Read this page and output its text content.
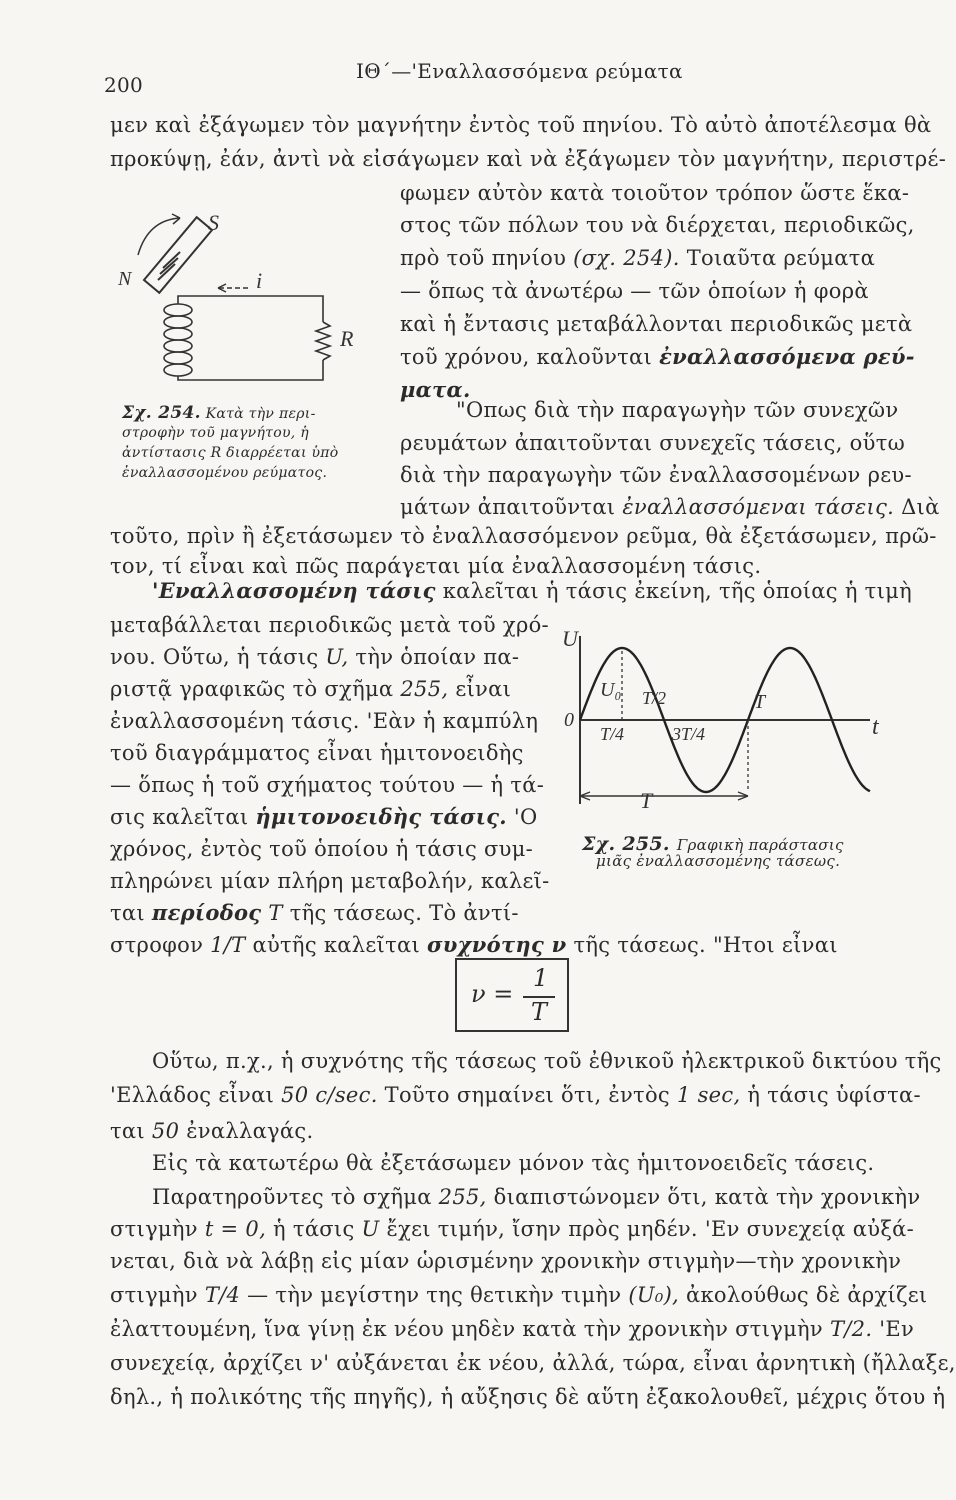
200
ΙΘ΄—'Εναλλασσόμενα ρεύματα
μεν καὶ ἐξάγωμεν τὸν μαγνήτην ἐντὸς τοῦ πηνίου. Τὸ αὐτὸ ἀποτέλεσμα θὰ
προκύψῃ, ἐάν, ἀντὶ νὰ εἰσάγωμεν καὶ νὰ ἐξάγωμεν τὸν μαγνήτην, περιστρέ-
φωμεν αὐτὸν κατὰ τοιοῦτον τρόπον ὥστε ἕκα-
στος τῶν πόλων του νὰ διέρχεται, περιοδικῶς,
πρὸ τοῦ πηνίου (σχ. 254). Τοιαῦτα ρεύματα
— ὅπως τὰ ἀνωτέρω — τῶν ὁποίων ἡ φορὰ
καὶ ἡ ἔντασις μεταβάλλονται περιοδικῶς μετὰ
τοῦ χρόνου, καλοῦνται ἐναλλασσόμενα ρεύ-
ματα.
"Οπως διὰ τὴν παραγωγὴν τῶν συνεχῶν
ρευμάτων ἀπαιτοῦνται συνεχεῖς τάσεις, οὕτω
διὰ τὴν παραγωγὴν τῶν ἐναλλασσομένων ρευ-
μάτων ἀπαιτοῦνται ἐναλλασσόμεναι τάσεις. Διὰ
τοῦτο, πρὶν ἢ ἐξετάσωμεν τὸ ἐναλλασσόμενον ρεῦμα, θὰ ἐξετάσωμεν, πρῶ-
τον, τί εἶναι καὶ πῶς παράγεται μία ἐναλλασσομένη τάσις.
S
N	i
R
Σχ. 254. Κατὰ τὴν περι-
στροφὴν τοῦ μαγνήτου, ἡ
ἀντίστασις R διαρρέεται ὑπὸ
ἐναλλασσομένου ρεύματος.
'Εναλλασσομένη τάσις καλεῖται ἡ τάσις ἐκείνη, τῆς ὁποίας ἡ τιμὴ
μεταβάλλεται περιοδικῶς μετὰ τοῦ χρό-
νου. Οὕτω, ἡ τάσις U, τὴν ὁποίαν πα-
ριστᾷ γραφικῶς τὸ σχῆμα 255, εἶναι
ἐναλλασσομένη τάσις. 'Εὰν ἡ καμπύλη
τοῦ διαγράμματος εἶναι ἡμιτονοειδὴς
— ὅπως ἡ τοῦ σχήματος τούτου — ἡ τά-
σις καλεῖται ἡμιτονοειδὴς τάσις. 'Ο
χρόνος, ἐντὸς τοῦ ὁποίου ἡ τάσις συμ-
πληρώνει μίαν πλήρη μεταβολήν, καλεῖ-
ται περίοδος T τῆς τάσεως. Τὸ ἀντί-
στροφον 1/T αὐτῆς καλεῖται συχνότης ν τῆς τάσεως. "Ητοι εἶναι
U
t
0
U₀
T/4
T/2
3T/4
T
T
Σχ. 255. Γραφικὴ παράστασις
μιᾶς ἐναλλασσομένης τάσεως.
ν =
1
T
Οὕτω, π.χ., ἡ συχνότης τῆς τάσεως τοῦ ἐθνικοῦ ἠλεκτρικοῦ δικτύου τῆς
'Ελλάδος εἶναι 50 c/sec. Τοῦτο σημαίνει ὅτι, ἐντὸς 1 sec, ἡ τάσις ὑφίστα-
ται 50 ἐναλλαγάς.
Εἰς τὰ κατωτέρω θὰ ἐξετάσωμεν μόνον τὰς ἡμιτονοειδεῖς τάσεις.
Παρατηροῦντες τὸ σχῆμα 255, διαπιστώνομεν ὅτι, κατὰ τὴν χρονικὴν
στιγμὴν t = 0, ἡ τάσις U ἔχει τιμήν, ἴσην πρὸς μηδέν. 'Εν συνεχείᾳ αὐξά-
νεται, διὰ νὰ λάβῃ εἰς μίαν ὡρισμένην χρονικὴν στιγμὴν—τὴν χρονικὴν
στιγμὴν T/4 — τὴν μεγίστην της θετικὴν τιμὴν (U₀), ἀκολούθως δὲ ἀρχίζει
ἐλαττουμένη, ἵνα γίνῃ ἐκ νέου μηδὲν κατὰ τὴν χρονικὴν στιγμὴν T/2. 'Εν
συνεχείᾳ, ἀρχίζει ν' αὐξάνεται ἐκ νέου, ἀλλά, τώρα, εἶναι ἀρνητικὴ (ἤλλαξε,
δηλ., ἡ πολικότης τῆς πηγῆς), ἡ αὔξησις δὲ αὕτη ἐξακολουθεῖ, μέχρις ὅτου ἡ
